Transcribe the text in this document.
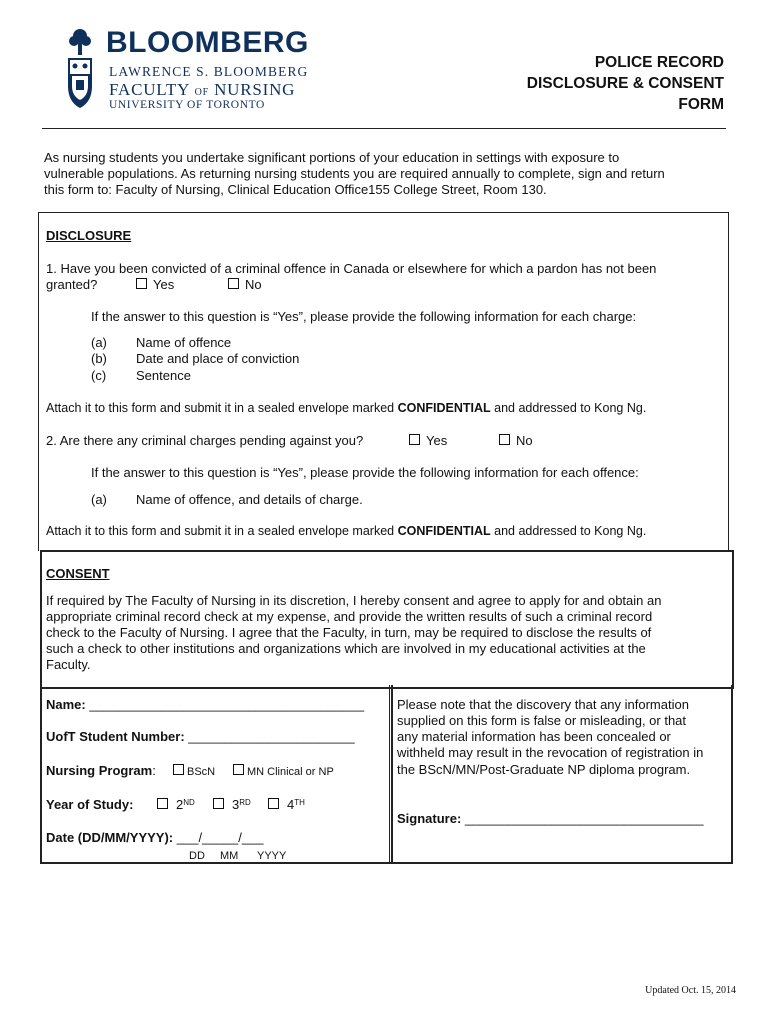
BLOOMBERG
LAWRENCE S. BLOOMBERG
FACULTY OF NURSING
UNIVERSITY OF TORONTO
POLICE RECORD
DISCLOSURE & CONSENT
FORM
As nursing students you undertake significant portions of your education in settings with exposure to
vulnerable populations. As returning nursing students you are required annually to complete, sign and return
this form to: Faculty of Nursing, Clinical Education Office155 College Street, Room 130.
DISCLOSURE
1. Have you been convicted of a criminal offence in Canada or elsewhere for which a pardon has not been
granted?	Yes	No
If the answer to this question is “Yes”, please provide the following information for each charge:
(a) Name of offence
(b) Date and place of conviction
(c) Sentence
Attach it to this form and submit it in a sealed envelope marked CONFIDENTIAL and addressed to Kong Ng.
2. Are there any criminal charges pending against you?	Yes	No
If the answer to this question is “Yes”, please provide the following information for each offence:
(a) Name of offence, and details of charge.
Attach it to this form and submit it in a sealed envelope marked CONFIDENTIAL and addressed to Kong Ng.
CONSENT
If required by The Faculty of Nursing in its discretion, I hereby consent and agree to apply for and obtain an
appropriate criminal record check at my expense, and provide the written results of such a criminal record
check to the Faculty of Nursing. I agree that the Faculty, in turn, may be required to disclose the results of
such a check to other institutions and organizations which are involved in my educational activities at the
Faculty.
Name: ______________________________________
UofT Student Number: _______________________
Nursing Program:	BScN	MN Clinical or NP
Year of Study:	2ND	3RD	4TH
Date (DD/MM/YYYY): ___/_____/___
DD MM YYYY
Please note that the discovery that any information
supplied on this form is false or misleading, or that
any material information has been concealed or
withheld may result in the revocation of registration in
the BScN/MN/Post-Graduate NP diploma program.
Signature: _________________________________
Updated Oct. 15, 2014
